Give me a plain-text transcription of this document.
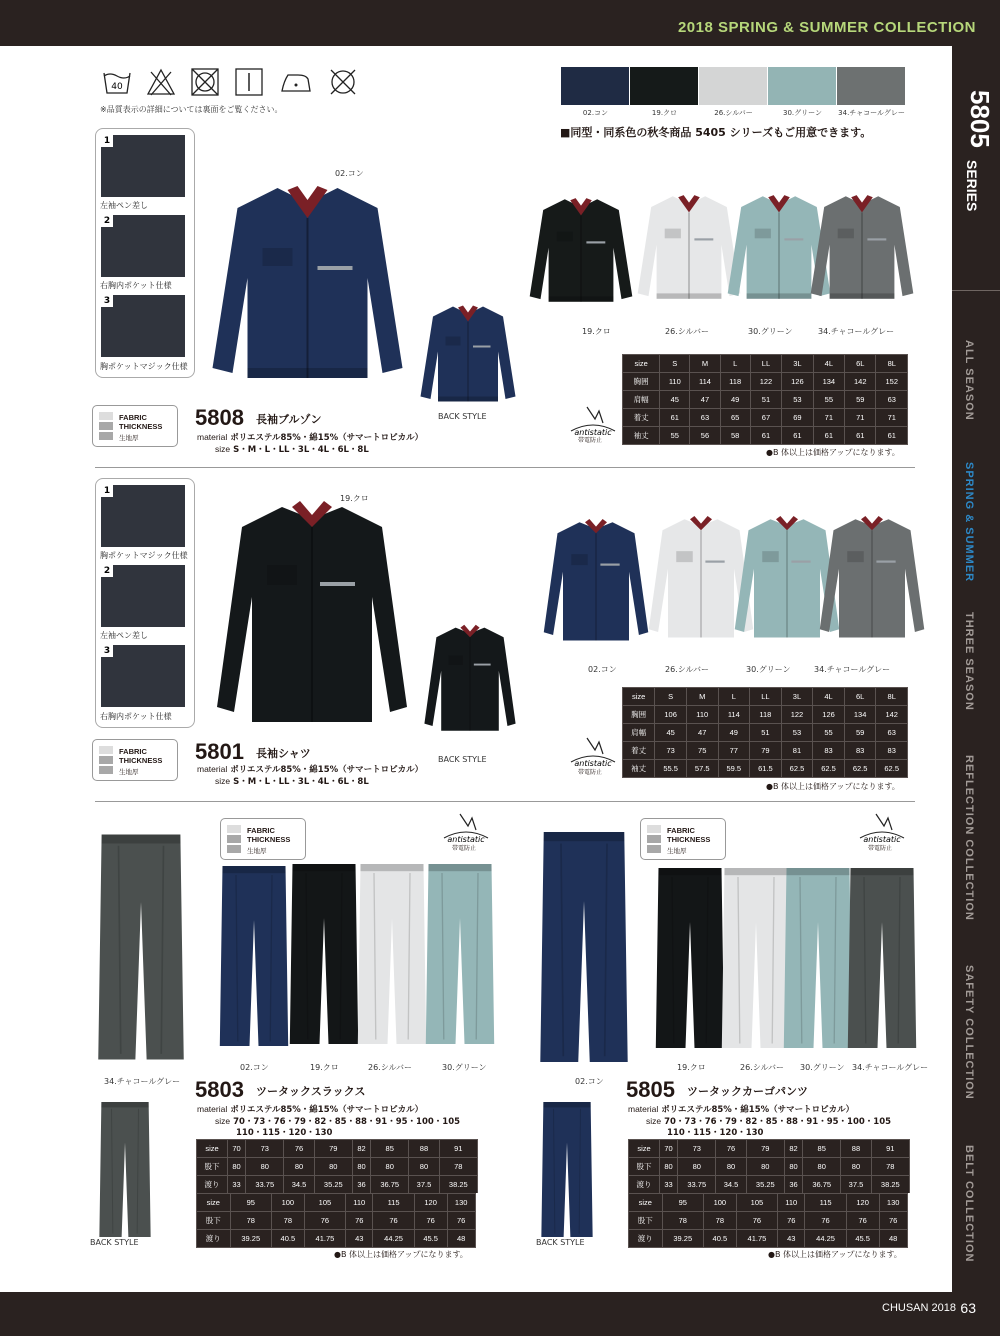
2018 SPRING & SUMMER COLLECTION
CHUSAN 2018 63
5805
SERIES
ALL SEASON
SPRING & SUMMER
THREE SEASON
REFLECTION COLLECTION
SAFETY COLLECTION
BELT COLLECTION
40
※品質表示の詳細については裏面をご覧ください。	02.コン	19.クロ	26.シルバー	30.グリーン	34.チャコールグレー
■同型・同系色の秋冬商品 5405 シリーズもご用意できます。
1
左袖ペン差し
2
右胸内ポケット仕様
3
胸ポケットマジック仕様
02.コン
BACK STYLE
19.クロ	26.シルバー	30.グリーン	34.チャコールグレー
FABRIC
THICKNESS
生地厚
5808 長袖ブルゾン
material ポリエステル85%・綿15%（サマートロピカル）
size S・M・L・LL・3L・4L・6L・8L
antistatic
帯電防止
size	S	M	L	LL	3L	4L	6L	8L
胸囲	110	114	118	122	126	134	142	152
肩幅	45	47	49	51	53	55	59	63
着丈	61	63	65	67	69	71	71	71
袖丈	55	56	58	61	61	61	61	61
●B 体以上は価格アップになります。
1
胸ポケットマジック仕様
2
左袖ペン差し
3
右胸内ポケット仕様
19.クロ
BACK STYLE
02.コン	26.シルバー	30.グリーン	34.チャコールグレー
FABRIC
THICKNESS
生地厚
5801 長袖シャツ
material ポリエステル85%・綿15%（サマートロピカル）
size S・M・L・LL・3L・4L・6L・8L
antistatic
帯電防止
size	S	M	L	LL	3L	4L	6L	8L
胸囲	106	110	114	118	122	126	134	142
肩幅	45	47	49	51	53	55	59	63
着丈	73	75	77	79	81	83	83	83
袖丈	55.5	57.5	59.5	61.5	62.5	62.5	62.5	62.5
●B 体以上は価格アップになります。
34.チャコールグレー
FABRIC
THICKNESS
生地厚
antistatic
帯電防止
02.コン	19.クロ	26.シルバー	30.グリーン
5803 ツータックスラックス
material ポリエステル85%・綿15%（サマートロピカル）
size 70・73・76・79・82・85・88・91・95・100・105
110・115・120・130
BACK STYLE
size	70	73	76	79	82	85	88	91
股下	80	80	80	80	80	80	80	78
渡り	33	33.75	34.5	35.25	36	36.75	37.5	38.25
size	95	100	105	110	115	120	130	
股下	78	78	76	76	76	76	76	
渡り	39.25	40.5	41.75	43	44.25	45.5	48	
●B 体以上は価格アップになります。
02.コン
FABRIC
THICKNESS
生地厚
antistatic
帯電防止
19.クロ	26.シルバー 30.グリーン 34.チャコールグレー
5805 ツータックカーゴパンツ
material ポリエステル85%・綿15%（サマートロピカル）
size 70・73・76・79・82・85・88・91・95・100・105
110・115・120・130
BACK STYLE
size	70	73	76	79	82	85	88	91
股下	80	80	80	80	80	80	80	78
渡り	33	33.75	34.5	35.25	36	36.75	37.5	38.25
size	95	100	105	110	115	120	130	
股下	78	78	76	76	76	76	76	
渡り	39.25	40.5	41.75	43	44.25	45.5	48	
●B 体以上は価格アップになります。
